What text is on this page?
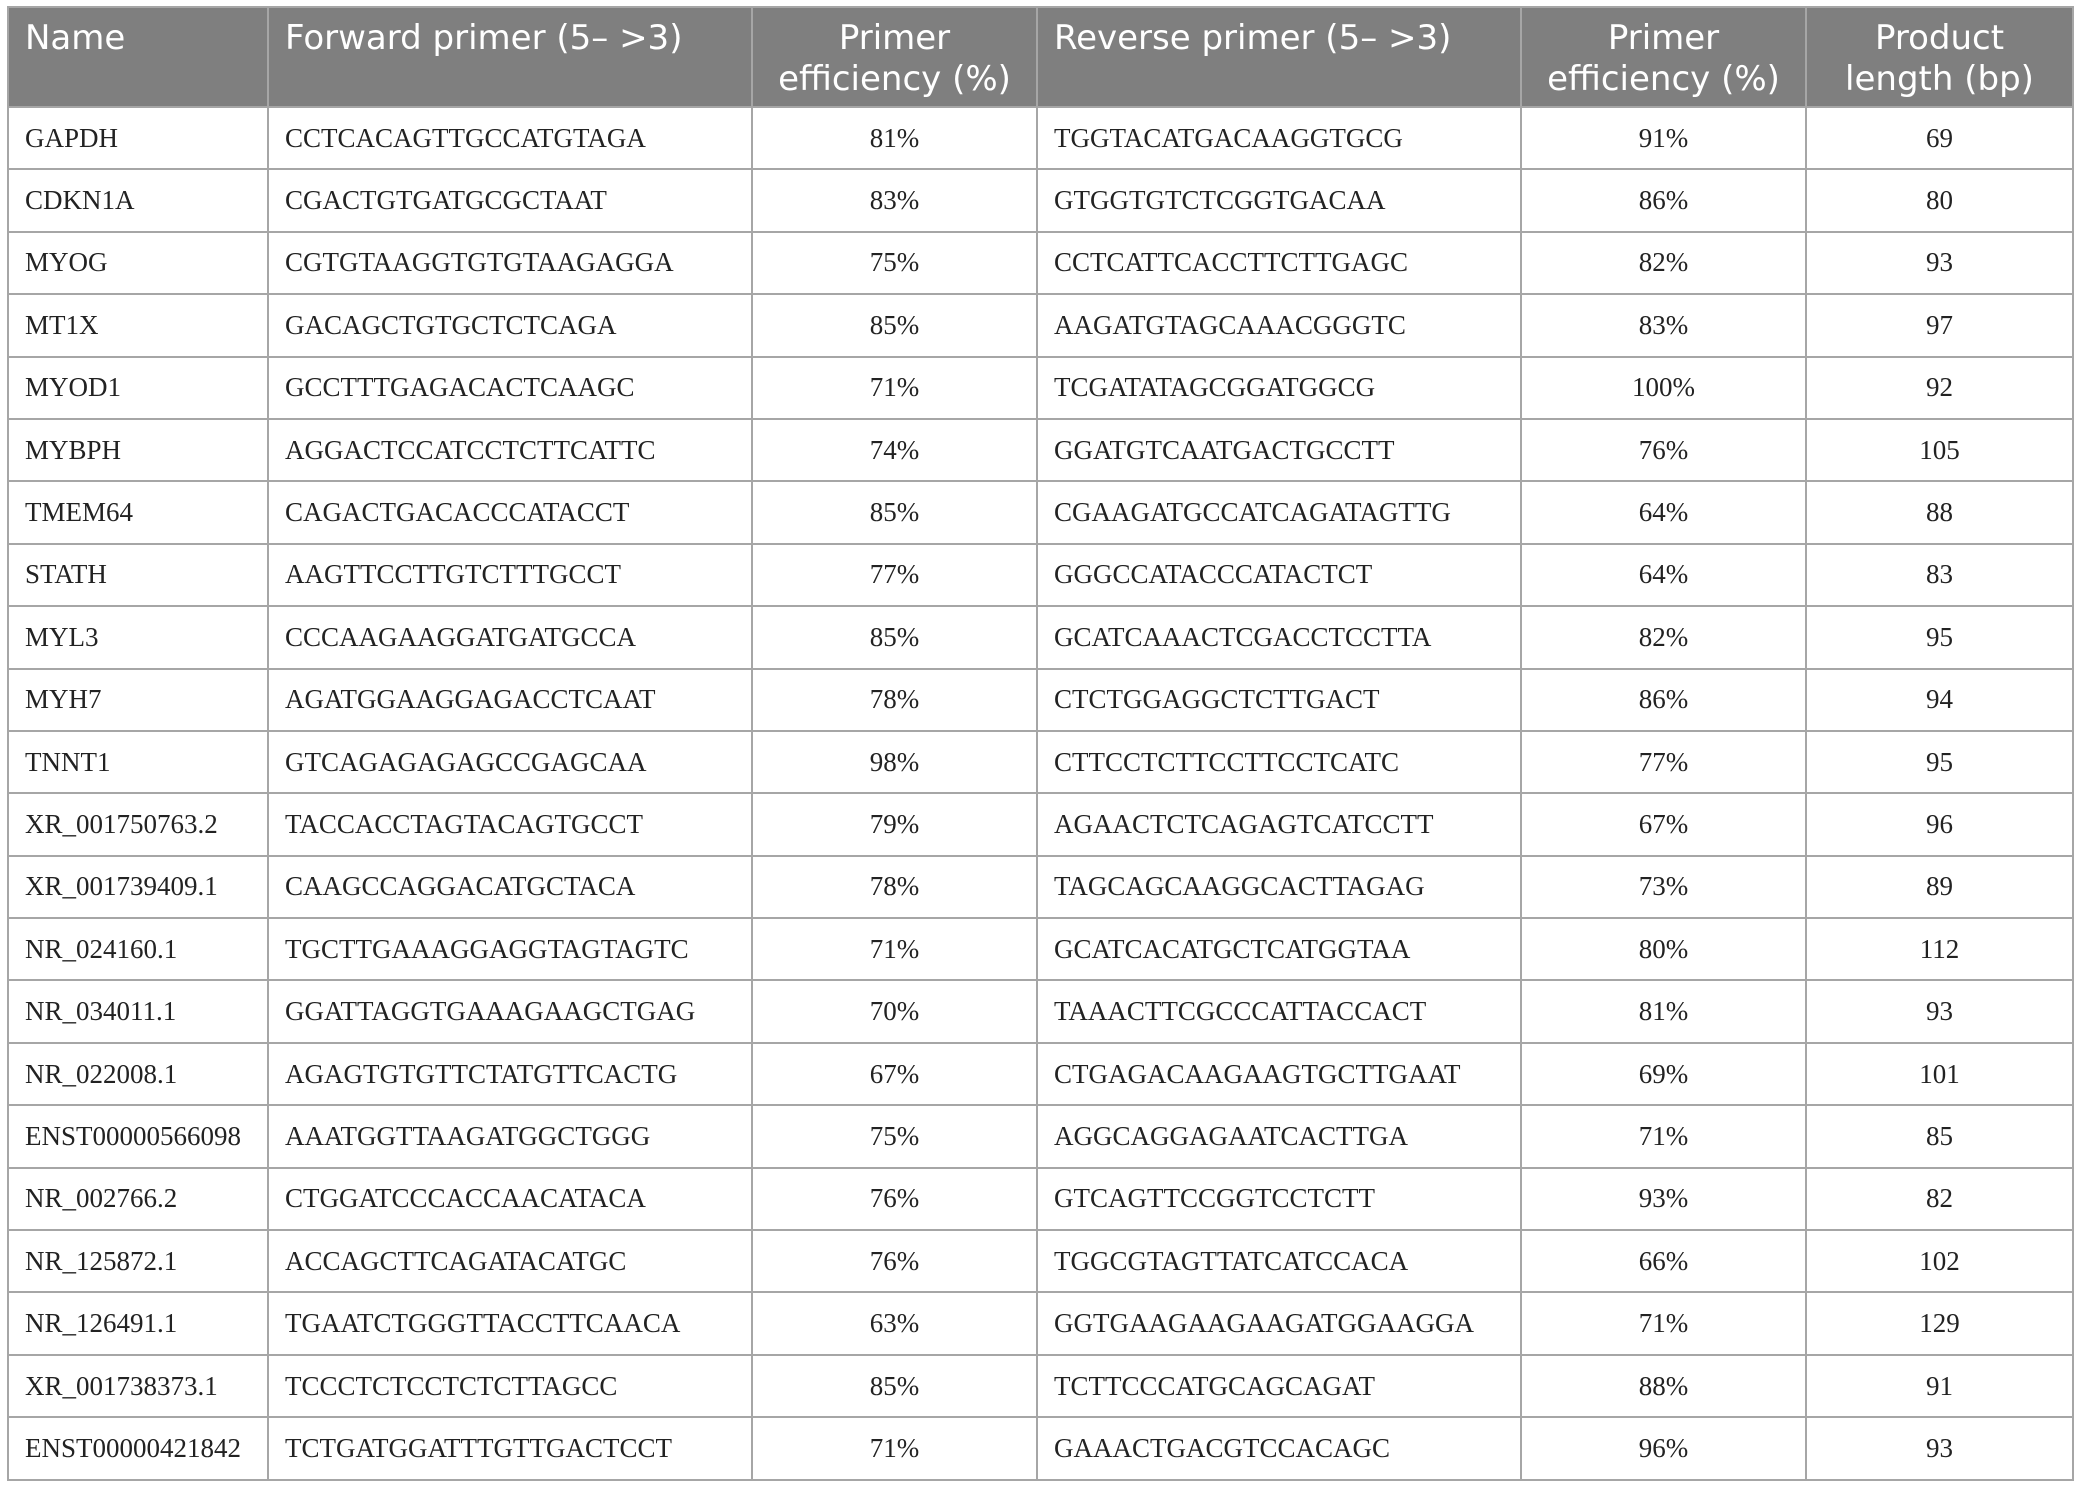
Name	Forward primer (5– >3)	Primer efficiency (%)	Reverse primer (5– >3)	Primer efficiency (%)	Product length (bp)
GAPDH	CCTCACAGTTGCCATGTAGA	81%	TGGTACATGACAAGGTGCG	91%	69
CDKN1A	CGACTGTGATGCGCTAAT	83%	GTGGTGTCTCGGTGACAA	86%	80
MYOG	CGTGTAAGGTGTGTAAGAGGA	75%	CCTCATTCACCTTCTTGAGC	82%	93
MT1X	GACAGCTGTGCTCTCAGA	85%	AAGATGTAGCAAACGGGTC	83%	97
MYOD1	GCCTTTGAGACACTCAAGC	71%	TCGATATAGCGGATGGCG	100%	92
MYBPH	AGGACTCCATCCTCTTCATTC	74%	GGATGTCAATGACTGCCTT	76%	105
TMEM64	CAGACTGACACCCATACCT	85%	CGAAGATGCCATCAGATAGTTG	64%	88
STATH	AAGTTCCTTGTCTTTGCCT	77%	GGGCCATACCCATACTCT	64%	83
MYL3	CCCAAGAAGGATGATGCCA	85%	GCATCAAACTCGACCTCCTTA	82%	95
MYH7	AGATGGAAGGAGACCTCAAT	78%	CTCTGGAGGCTCTTGACT	86%	94
TNNT1	GTCAGAGAGAGCCGAGCAA	98%	CTTCCTCTTCCTTCCTCATC	77%	95
XR_001750763.2	TACCACCTAGTACAGTGCCT	79%	AGAACTCTCAGAGTCATCCTT	67%	96
XR_001739409.1	CAAGCCAGGACATGCTACA	78%	TAGCAGCAAGGCACTTAGAG	73%	89
NR_024160.1	TGCTTGAAAGGAGGTAGTAGTC	71%	GCATCACATGCTCATGGTAA	80%	112
NR_034011.1	GGATTAGGTGAAAGAAGCTGAG	70%	TAAACTTCGCCCATTACCACT	81%	93
NR_022008.1	AGAGTGTGTTCTATGTTCACTG	67%	CTGAGACAAGAAGTGCTTGAAT	69%	101
ENST00000566098	AAATGGTTAAGATGGCTGGG	75%	AGGCAGGAGAATCACTTGA	71%	85
NR_002766.2	CTGGATCCCACCAACATACA	76%	GTCAGTTCCGGTCCTCTT	93%	82
NR_125872.1	ACCAGCTTCAGATACATGC	76%	TGGCGTAGTTATCATCCACA	66%	102
NR_126491.1	TGAATCTGGGTTACCTTCAACA	63%	GGTGAAGAAGAAGATGGAAGGA	71%	129
XR_001738373.1	TCCCTCTCCTCTCTTAGCC	85%	TCTTCCCATGCAGCAGAT	88%	91
ENST00000421842	TCTGATGGATTTGTTGACTCCT	71%	GAAACTGACGTCCACAGC	96%	93
